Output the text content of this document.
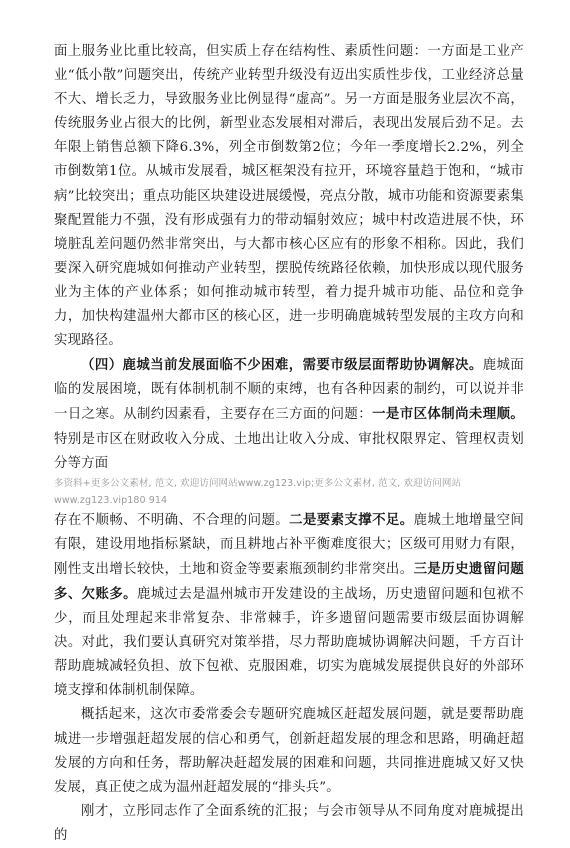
面上服务业比重比较高，但实质上存在结构性、素质性问题：一方面是工业产业“低小散”问题突出，传统产业转型升级没有迈出实质性步伐，工业经济总量不大、增长乏力，导致服务业比例显得“虚高”。另一方面是服务业层次不高，传统服务业占很大的比例，新型业态发展相对滞后，表现出发展后劲不足。去年限上销售总额下降6.3%，列全市倒数第2位；今年一季度增长2.2%，列全市倒数第1位。从城市发展看，城区框架没有拉开，环境容量趋于饱和，“城市病”比较突出；重点功能区块建设进展缓慢，亮点分散，城市功能和资源要素集聚配置能力不强，没有形成强有力的带动辐射效应；城中村改造进展不快，环境脏乱差问题仍然非常突出，与大都市核心区应有的形象不相称。因此，我们要深入研究鹿城如何推动产业转型，摆脱传统路径依赖，加快形成以现代服务业为主体的产业体系；如何推动城市转型，着力提升城市功能、品位和竞争力，加快构建温州大都市区的核心区，进一步明确鹿城转型发展的主攻方向和实现路径。

（四）鹿城当前发展面临不少困难，需要市级层面帮助协调解决。鹿城面临的发展困境，既有体制机制不顺的束缚，也有各种因素的制约，可以说并非一日之寒。从制约因素看，主要存在三方面的问题：一是市区体制尚未理顺。特别是市区在财政收入分成、土地出让收入分成、审批权限界定、管理权责划分等方面

多资料+更多公文素材, 范文, 欢迎访问网站www.zg123.vip;更多公文素材, 范文, 欢迎访问网站

www.zg123.vip180 914

存在不顺畅、不明确、不合理的问题。二是要素支撑不足。鹿城土地增量空间有限，建设用地指标紧缺，而且耕地占补平衡难度很大；区级可用财力有限，刚性支出增长较快，土地和资金等要素瓶颈制约非常突出。三是历史遗留问题多、欠账多。鹿城过去是温州城市开发建设的主战场，历史遗留问题和包袱不少，而且处理起来非常复杂、非常棘手，许多遗留问题需要市级层面协调解决。对此，我们要认真研究对策举措，尽力帮助鹿城协调解决问题，千方百计帮助鹿城减轻负担、放下包袱、克服困难，切实为鹿城发展提供良好的外部环境支撑和体制机制保障。

概括起来，这次市委常委会专题研究鹿城区赶超发展问题，就是要帮助鹿城进一步增强赶超发展的信心和勇气，创新赶超发展的理念和思路，明确赶超发展的方向和任务，帮助解决赶超发展的困难和问题，共同推进鹿城又好又快发展，真正使之成为温州赶超发展的“排头兵”。

刚才，立彤同志作了全面系统的汇报；与会市领导从不同角度对鹿城提出的
